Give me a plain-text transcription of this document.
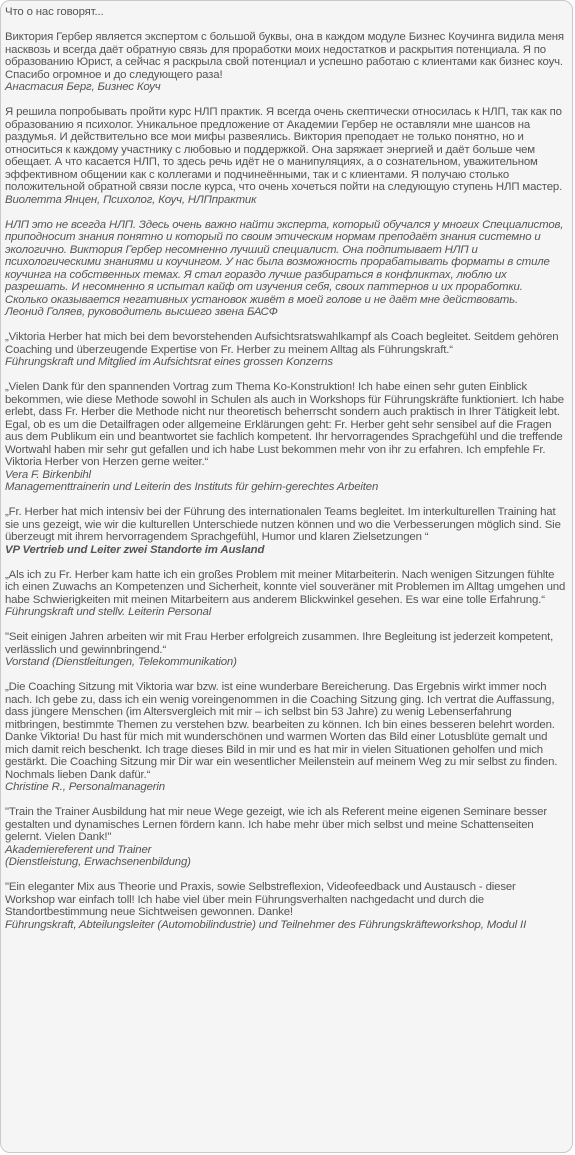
Что о нас говорят...
Виктория Гербер является экспертом с большой буквы, она в каждом модуле Бизнес Коучинга видила меня насквозь и всегда даёт обратную связь для проработки моих недостатков и раскрытия потенциала. Я по образованию Юрист, а сейчас я раскрыла свой потенциал и успешно работаю с клиентами как бизнес коуч. Спасибо огромное и до следующего раза!
Анастасия Берг, Бизнес Коуч
Я решила попробывать пройти курс НЛП практик. Я всегда очень скептически относилась к НЛП, так как по образованию я психолог. Уникальное предложение от Академии Гербер не оставляли мне шансов на раздумья. И действительно все мои мифы развеялись. Виктория преподает не только понятно, но и относиться к каждому участнику с любовью и поддержкой. Она заряжает энергией и даёт больше чем обещает. А что касается НЛП, то здесь речь идёт не о манипуляциях, а о сознательном, уважительном эффективном общении как с коллегами и подчинеёнными, так и с клиентами. Я получаю столько положительной обратной связи после курса, что очень хочеться пойти на следующую ступень НЛП мастер.
Виолетта Янцен, Психолог, Коуч, НЛПпрактик
НЛП это не всегда НЛП. Здесь очень важно найти эксперта, который обучался у многих Специалистов, приподносит знания понятно и который по своим этическим нормам преподаёт знания системно и экологично. Виктория Гербер несомненно лучший специалист. Она подпитывает НЛП и психологическими знаниями и коучингом. У нас была возможность прорабатывать форматы в стиле коучинга на собственных темах. Я стал гораздо лучше разбираться в конфликтах, люблю их разрешать. И несомненно я испытал кайф от изучения себя, своих паттернов и их проработки. Сколько оказывается негативных установок живёт в моей голове и не даёт мне действовать.
Леонид Голяев, руководитель высшего звена БАСФ
„Viktoria Herber hat mich bei dem bevorstehenden Aufsichtsratswahlkampf als Coach begleitet. Seitdem gehören Coaching und überzeugende Expertise von Fr. Herber zu meinem Alltag als Führungskraft.“
Führungskraft und Mitglied im Aufsichtsrat eines grossen Konzerns
„Vielen Dank für den spannenden Vortrag zum Thema Ko-Konstruktion! Ich habe einen sehr guten Einblick bekommen, wie diese Methode sowohl in Schulen als auch in Workshops für Führungskräfte funktioniert. Ich habe erlebt, dass Fr. Herber die Methode nicht nur theoretisch beherrscht sondern auch praktisch in Ihrer Tätigkeit lebt. Egal, ob es um die Detailfragen oder allgemeine Erklärungen geht: Fr. Herber geht sehr sensibel auf die Fragen aus dem Publikum ein und beantwortet sie fachlich kompetent. Ihr hervorragendes Sprachgefühl und die treffende Wortwahl haben mir sehr gut gefallen und ich habe Lust bekommen mehr von ihr zu erfahren. Ich empfehle Fr. Viktoria Herber von Herzen gerne weiter.“
Vera F. Birkenbihl
Managementtrainerin und Leiterin des Instituts für gehirn-gerechtes Arbeiten
„Fr. Herber hat mich intensiv bei der Führung des internationalen Teams begleitet. Im interkulturellen Training hat sie uns gezeigt, wie wir die kulturellen Unterschiede nutzen können und wo die Verbesserungen möglich sind. Sie überzeugt mit ihrem hervorragendem Sprachgefühl, Humor und klaren Zielsetzungen “
VP Vertrieb und Leiter zwei Standorte im Ausland
„Als ich zu Fr. Herber kam hatte ich ein großes Problem mit meiner Mitarbeiterin. Nach wenigen Sitzungen fühlte ich einen Zuwachs an Kompetenzen und Sicherheit, konnte viel souveräner mit Problemen im Alltag umgehen und habe Schwierigkeiten mit meinen Mitarbeitern aus anderem Blickwinkel gesehen. Es war eine tolle Erfahrung.“
Führungskraft und stellv. Leiterin Personal
"Seit einigen Jahren arbeiten wir mit Frau Herber erfolgreich zusammen. Ihre Begleitung ist jederzeit kompetent, verlässlich und gewinnbringend.“
Vorstand (Dienstleitungen, Telekommunikation)
„Die Coaching Sitzung mit Viktoria war bzw. ist eine wunderbare Bereicherung. Das Ergebnis wirkt immer noch nach. Ich gebe zu, dass ich ein wenig voreingenommen in die Coaching Sitzung ging. Ich vertrat die Auffassung, dass jüngere Menschen (im Altersvergleich mit mir – ich selbst bin 53 Jahre) zu wenig Lebenserfahrung mitbringen, bestimmte Themen zu verstehen bzw. bearbeiten zu können. Ich bin eines besseren belehrt worden.
Danke Viktoria! Du hast für mich mit wunderschönen und warmen Worten das Bild einer Lotusblüte gemalt und mich damit reich beschenkt. Ich trage dieses Bild in mir und es hat mir in vielen Situationen geholfen und mich gestärkt. Die Coaching Sitzung mir Dir war ein wesentlicher Meilenstein auf meinem Weg zu mir selbst zu finden. Nochmals lieben Dank dafür.“
Christine R., Personalmanagerin
"Train the Trainer Ausbildung hat mir neue Wege gezeigt, wie ich als Referent meine eigenen Seminare besser gestalten und dynamisches Lernen fördern kann. Ich habe mehr über mich selbst und meine Schattenseiten gelernt. Vielen Dank!"
Akademiereferent und Trainer
(Dienstleistung, Erwachsenenbildung)
"Ein eleganter Mix aus Theorie und Praxis, sowie Selbstreflexion, Videofeedback und Austausch - dieser Workshop war einfach toll! Ich habe viel über mein Führungsverhalten nachgedacht und durch die Standortbestimmung neue Sichtweisen gewonnen. Danke!
Führungskraft, Abteilungsleiter (Automobilindustrie) und Teilnehmer des Führungskräfteworkshop, Modul II
